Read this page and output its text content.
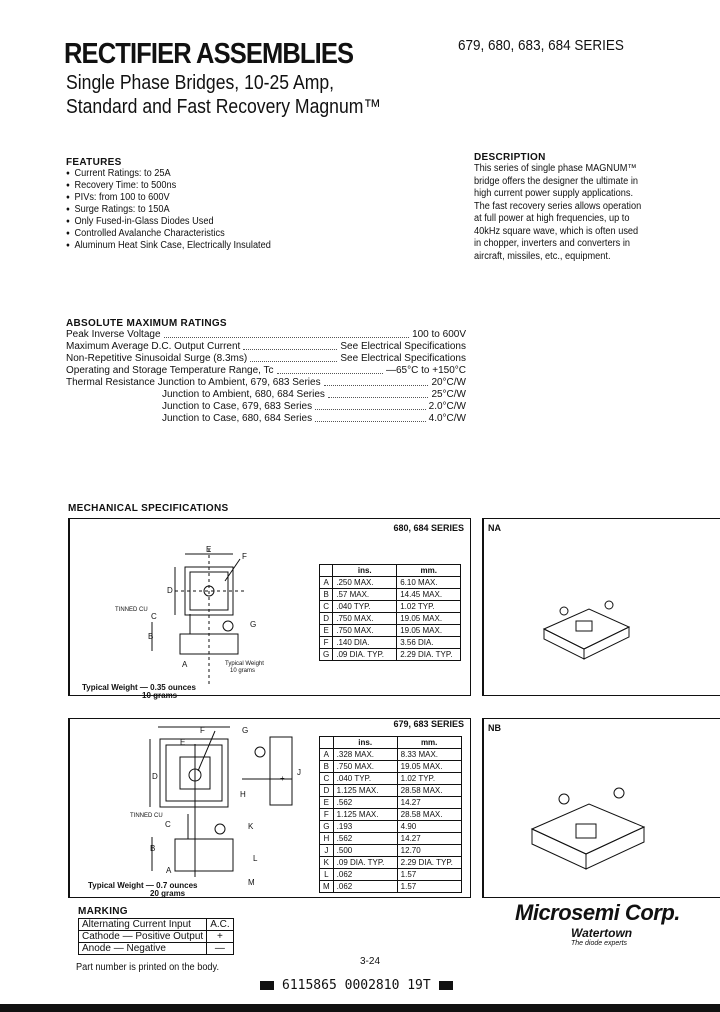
RECTIFIER ASSEMBLIES	679, 680, 683, 684 SERIES
Single Phase Bridges, 10-25 Amp,
Standard and Fast Recovery Magnum™
FEATURES
● Current Ratings: to 25A
● Recovery Time: to 500ns
● PIVs: from 100 to 600V
● Surge Ratings: to 150A
● Only Fused-in-Glass Diodes Used
● Controlled Avalanche Characteristics
● Aluminum Heat Sink Case, Electrically Insulated
DESCRIPTION
This series of single phase MAGNUM™
bridge offers the designer the ultimate in
high current power supply applications.
The fast recovery series allows operation
at full power at high frequencies, up to
40kHz square wave, which is often used
in chopper, inverters and converters in
aircraft, missiles, etc., equipment.
ABSOLUTE MAXIMUM RATINGS
Peak Inverse Voltage	100 to 600V
Maximum Average D.C. Output Current	See Electrical Specifications
Non-Repetitive Sinusoidal Surge (8.3ms)	See Electrical Specifications
Operating and Storage Temperature Range, Tc	—65°C to +150°C
Thermal Resistance Junction to Ambient, 679, 683 Series	20°C/W
Junction to Ambient, 680, 684 Series	25°C/W
Junction to Case, 679, 683 Series	2.0°C/W
Junction to Case, 680, 684 Series	4.0°C/W
MECHANICAL SPECIFICATIONS
680, 684 SERIES
E
F
D
C
B
A
G
TINNED CU
Typical Weight
10 grams
Typical Weight — 0.35 ounces
10 grams
	ins.	mm.
A	.250 MAX.	6.10 MAX.
B	.57 MAX.	14.45 MAX.
C	.040 TYP.	1.02 TYP.
D	.750 MAX.	19.05 MAX.
E	.750 MAX.	19.05 MAX.
F	.140 DIA.	3.56 DIA.
G	.09 DIA. TYP.	2.29 DIA. TYP.
NA
679, 683 SERIES
F
E
G
D
H
J
+
C
B
A
K
L
M
TINNED CU
Typical Weight — 0.7 ounces
20 grams
	ins.	mm.
A	.328 MAX.	8.33 MAX.
B	.750 MAX.	19.05 MAX.
C	.040 TYP.	1.02 TYP.
D	1.125 MAX.	28.58 MAX.
E	.562	14.27
F	1.125 MAX.	28.58 MAX.
G	.193	4.90
H	.562	14.27
J	.500	12.70
K	.09 DIA. TYP.	2.29 DIA. TYP.
L	.062	1.57
M	.062	1.57
NB
MARKING
Alternating Current Input	A.C.
Cathode — Positive Output	+
Anode — Negative	—
Part number is printed on the body.
3-24
6115865 0002810 19T
Microsemi Corp.
Watertown
The diode experts
